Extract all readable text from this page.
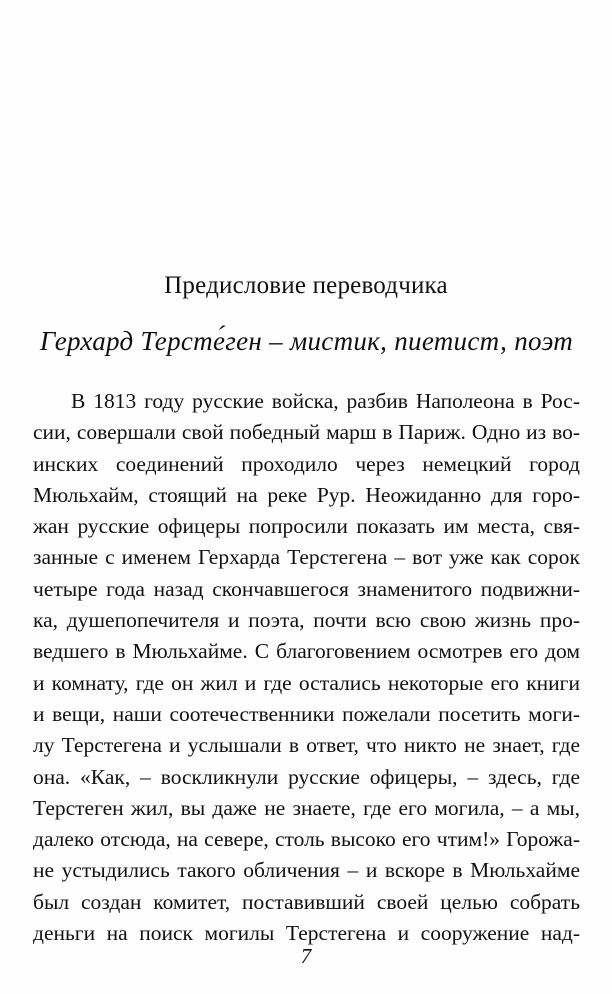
Предисловие переводчика
Герхард Терсте́ген – мистик, пиетист, поэт
В 1813 году русские войска, разбив Наполеона в Рос-
сии, совершали свой победный марш в Париж. Одно из во-
инских соединений проходило через немецкий город
Мюльхайм, стоящий на реке Рур. Неожиданно для горо-
жан русские офицеры попросили показать им места, свя-
занные с именем Герхарда Терстегена – вот уже как сорок
четыре года назад скончавшегося знаменитого подвижни-
ка, душепопечителя и поэта, почти всю свою жизнь про-
ведшего в Мюльхайме. С благоговением осмотрев его дом
и комнату, где он жил и где остались некоторые его книги
и вещи, наши соотечественники пожелали посетить моги-
лу Терстегена и услышали в ответ, что никто не знает, где
она. «Как, – воскликнули русские офицеры, – здесь, где
Терстеген жил, вы даже не знаете, где его могила, – а мы,
далеко отсюда, на севере, столь высоко его чтим!» Горожа-
не устыдились такого обличения – и вскоре в Мюльхайме
был создан комитет, поставивший своей целью собрать
деньги на поиск могилы Терстегена и сооружение над-
7
